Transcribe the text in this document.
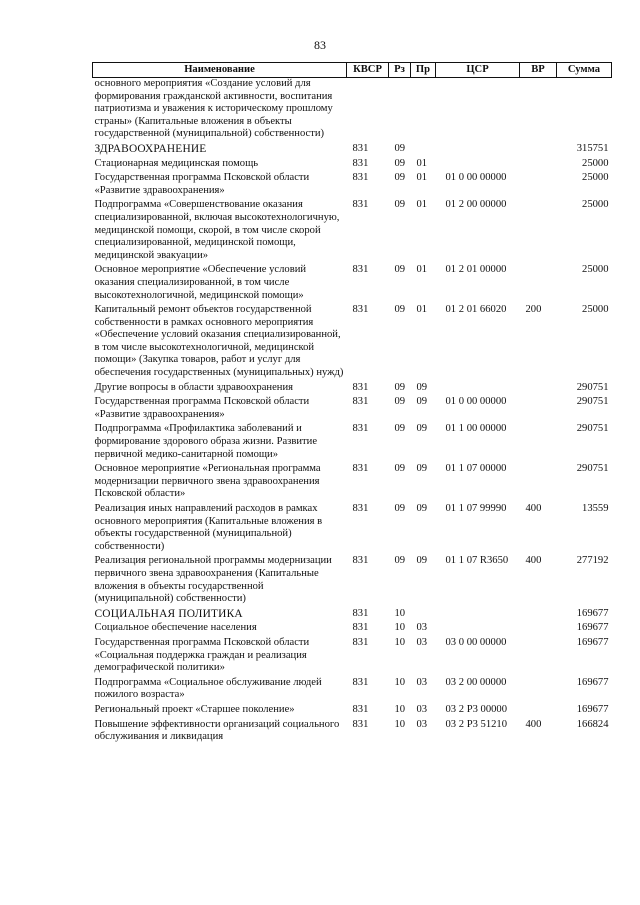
83
Наименование	КВСР	Рз	Пр	ЦСР	ВР	Сумма
основного мероприятия «Создание условий для формирования гражданской активности, воспитания патриотизма и уважения к историческому прошлому страны» (Капитальные вложения в объекты государственной (муниципальной) собственности)						
ЗДРАВООХРАНЕНИЕ	831	09				315751
Стационарная медицинская помощь	831	09	01			25000
Государственная программа Псковской области «Развитие здравоохранения»	831	09	01	01 0 00 00000		25000
Подпрограмма «Совершенствование оказания специализированной, включая высокотехнологичную, медицинской помощи, скорой, в том числе скорой специализированной, медицинской помощи, медицинской эвакуации»	831	09	01	01 2 00 00000		25000
Основное мероприятие «Обеспечение условий оказания специализированной, в том числе высокотехнологичной, медицинской помощи»	831	09	01	01 2 01 00000		25000
Капитальный ремонт объектов государственной собственности в рамках основного мероприятия «Обеспечение условий оказания специализированной, в том числе высокотехнологичной, медицинской помощи» (Закупка товаров, работ и услуг для обеспечения государственных (муниципальных) нужд)	831	09	01	01 2 01 66020	200	25000
Другие вопросы в области здравоохранения	831	09	09			290751
Государственная программа Псковской области «Развитие здравоохранения»	831	09	09	01 0 00 00000		290751
Подпрограмма «Профилактика заболеваний и формирование здорового образа жизни. Развитие первичной медико-санитарной помощи»	831	09	09	01 1 00 00000		290751
Основное мероприятие «Региональная программа модернизации первичного звена здравоохранения Псковской области»	831	09	09	01 1 07 00000		290751
Реализация иных направлений расходов в рамках основного мероприятия (Капитальные вложения в объекты государственной (муниципальной) собственности)	831	09	09	01 1 07 99990	400	13559
Реализация региональной программы модернизации первичного звена здравоохранения (Капитальные вложения в объекты государственной (муниципальной) собственности)	831	09	09	01 1 07 R3650	400	277192
СОЦИАЛЬНАЯ ПОЛИТИКА	831	10				169677
Социальное обеспечение населения	831	10	03			169677
Государственная программа Псковской области «Социальная поддержка граждан и реализация демографической политики»	831	10	03	03 0 00 00000		169677
Подпрограмма «Социальное обслуживание людей пожилого возраста»	831	10	03	03 2 00 00000		169677
Региональный проект «Старшее поколение»	831	10	03	03 2 P3 00000		169677
Повышение эффективности организаций социального обслуживания и ликвидация	831	10	03	03 2 P3 51210	400	166824
